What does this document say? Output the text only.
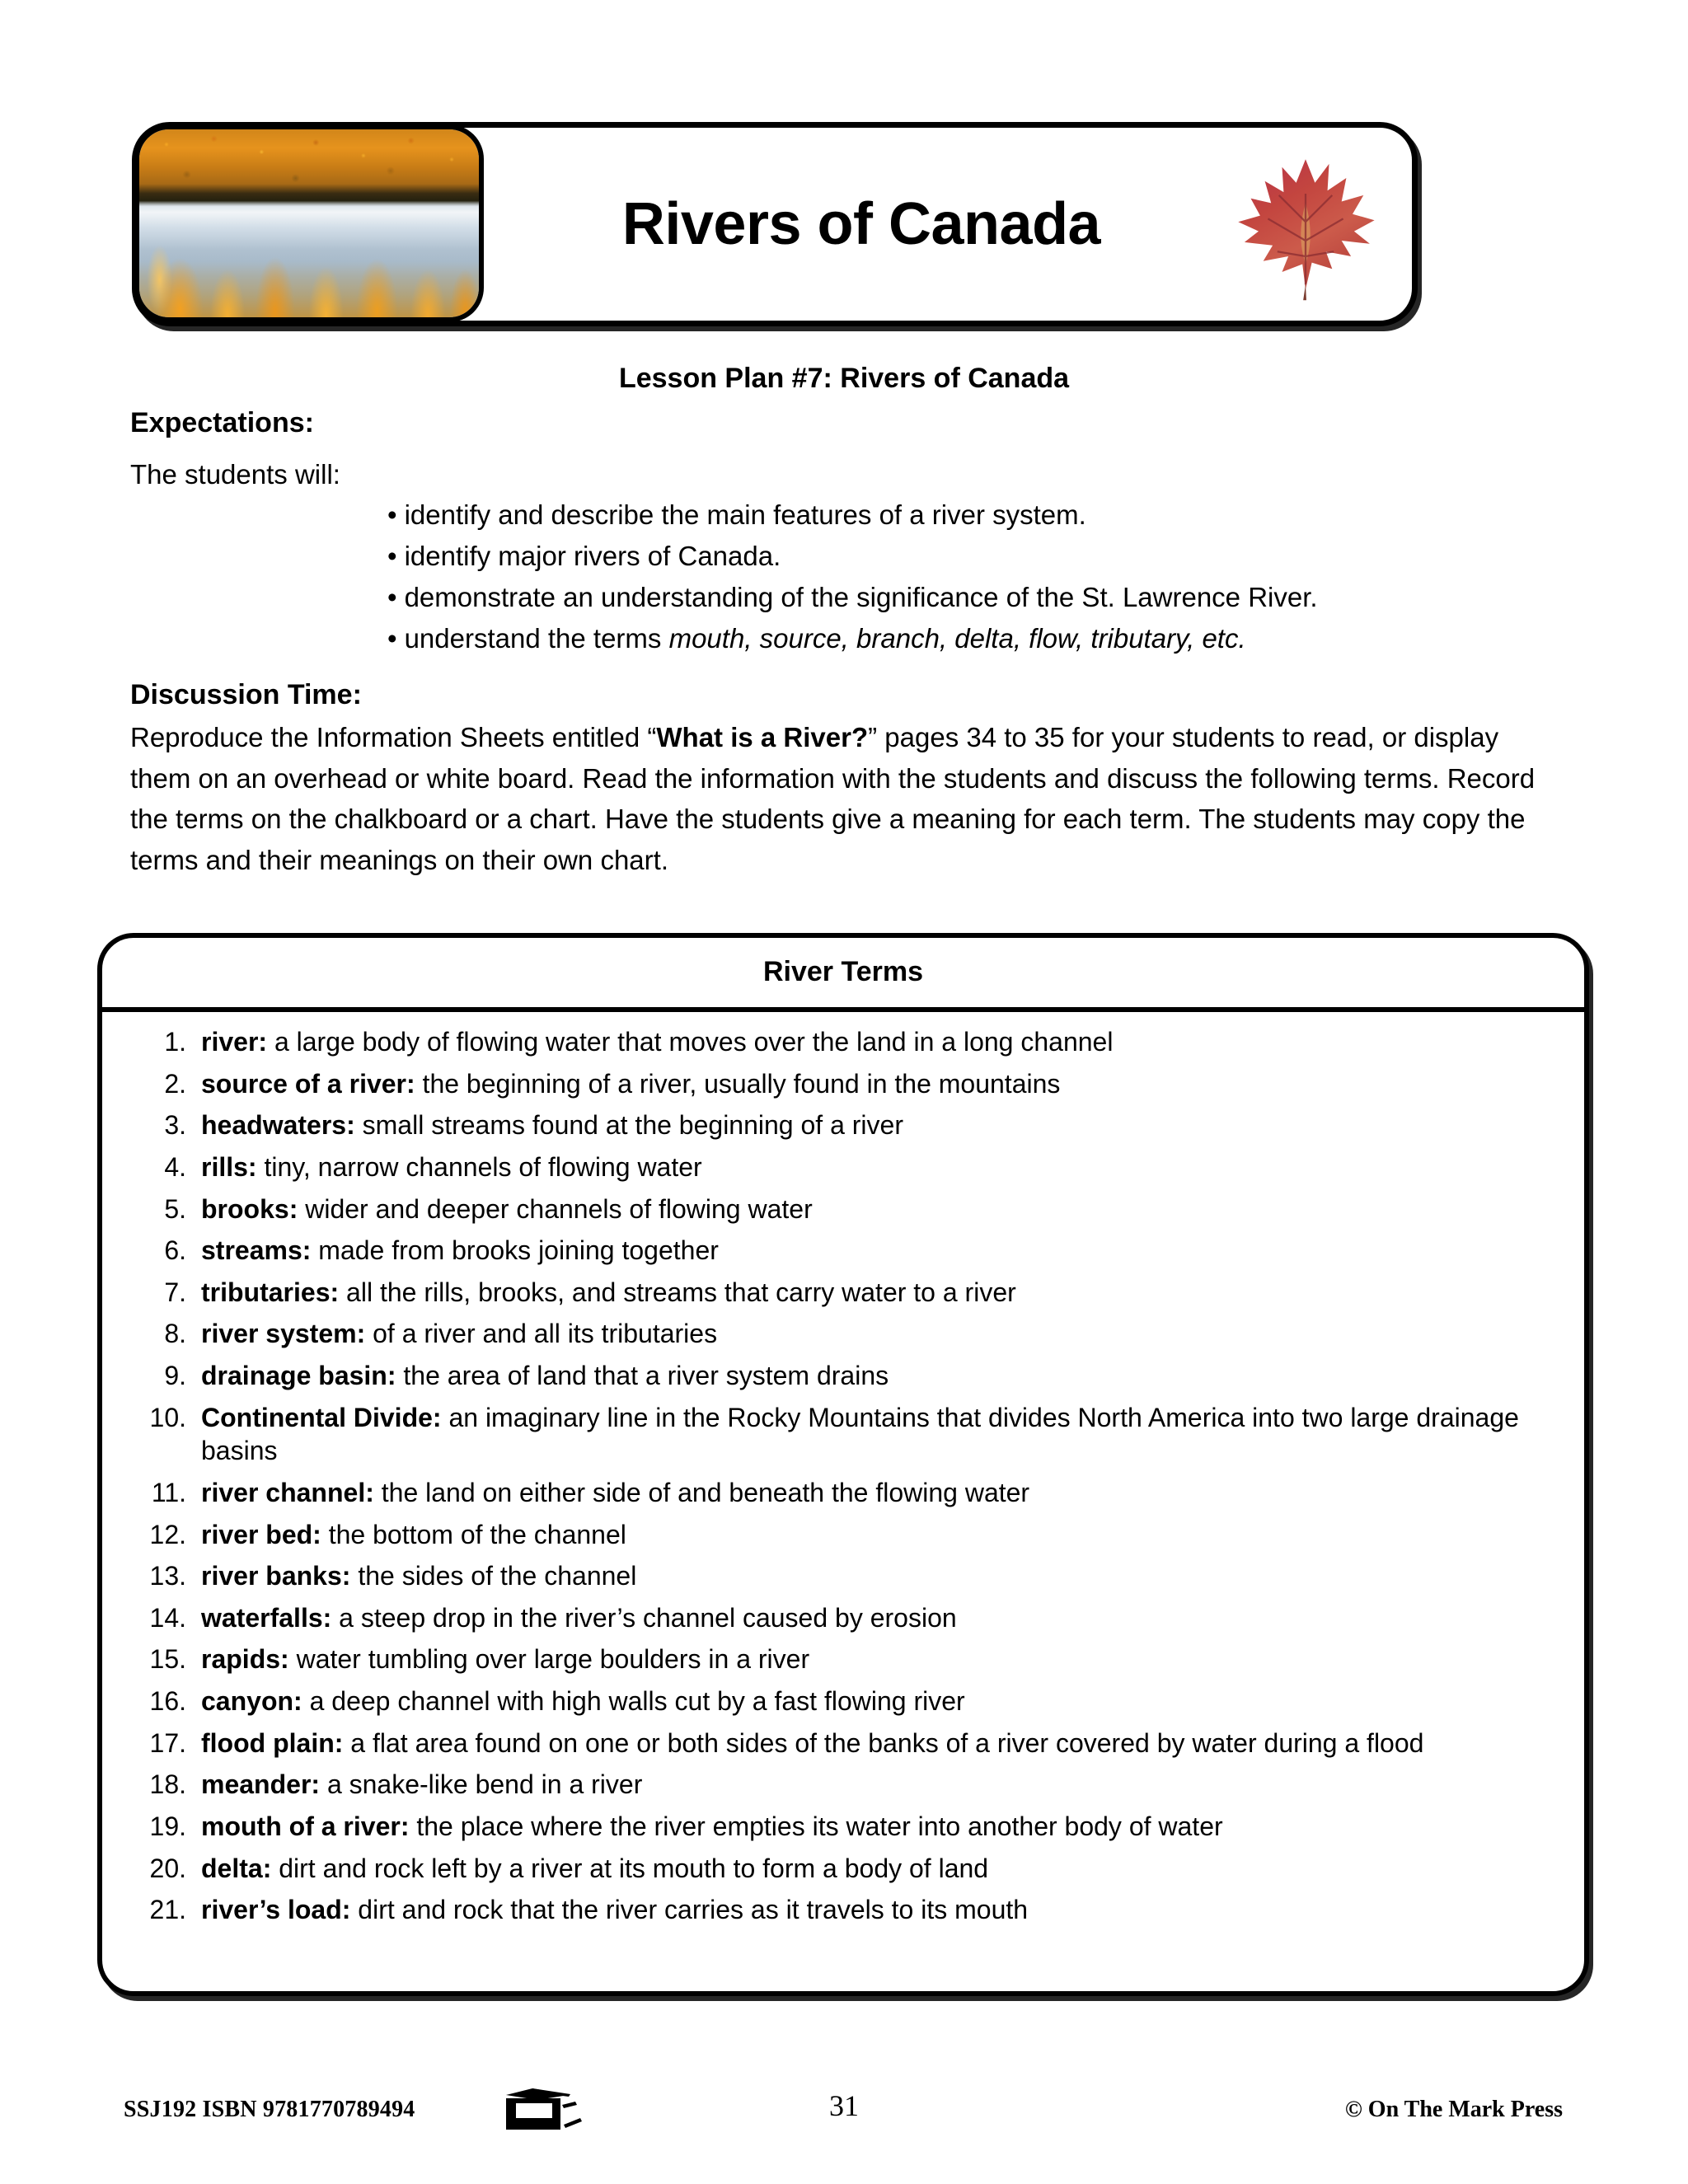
Rivers of Canada
Lesson Plan #7: Rivers of Canada
Expectations:
The students will:
• identify and describe the main features of a river system.
• identify major rivers of Canada.
• demonstrate an understanding of the significance of the St. Lawrence River.
• understand the terms mouth, source, branch, delta, flow, tributary, etc.
Discussion Time:
Reproduce the Information Sheets entitled “What is a River?” pages 34 to 35 for your students to read, or display them on an overhead or white board. Read the information with the students and discuss the following terms. Record the terms on the chalkboard or a chart. Have the students give a meaning for each term. The students may copy the terms and their meanings on their own chart.
River Terms
1. river: a large body of flowing water that moves over the land in a long channel
2. source of a river: the beginning of a river, usually found in the mountains
3. headwaters: small streams found at the beginning of a river
4. rills: tiny, narrow channels of flowing water
5. brooks: wider and deeper channels of flowing water
6. streams: made from brooks joining together
7. tributaries: all the rills, brooks, and streams that carry water to a river
8. river system: of a river and all its tributaries
9. drainage basin: the area of land that a river system drains
10. Continental Divide: an imaginary line in the Rocky Mountains that divides North America into two large drainage basins
11. river channel: the land on either side of and beneath the flowing water
12. river bed: the bottom of the channel
13. river banks: the sides of the channel
14. waterfalls: a steep drop in the river’s channel caused by erosion
15. rapids: water tumbling over large boulders in a river
16. canyon: a deep channel with high walls cut by a fast flowing river
17. flood plain: a flat area found on one or both sides of the banks of a river covered by water during a flood
18. meander: a snake-like bend in a river
19. mouth of a river: the place where the river empties its water into another body of water
20. delta: dirt and rock left by a river at its mouth to form a body of land
21. river’s load: dirt and rock that the river carries as it travels to its mouth
SSJ192 ISBN 9781770789494	31	© On The Mark Press
